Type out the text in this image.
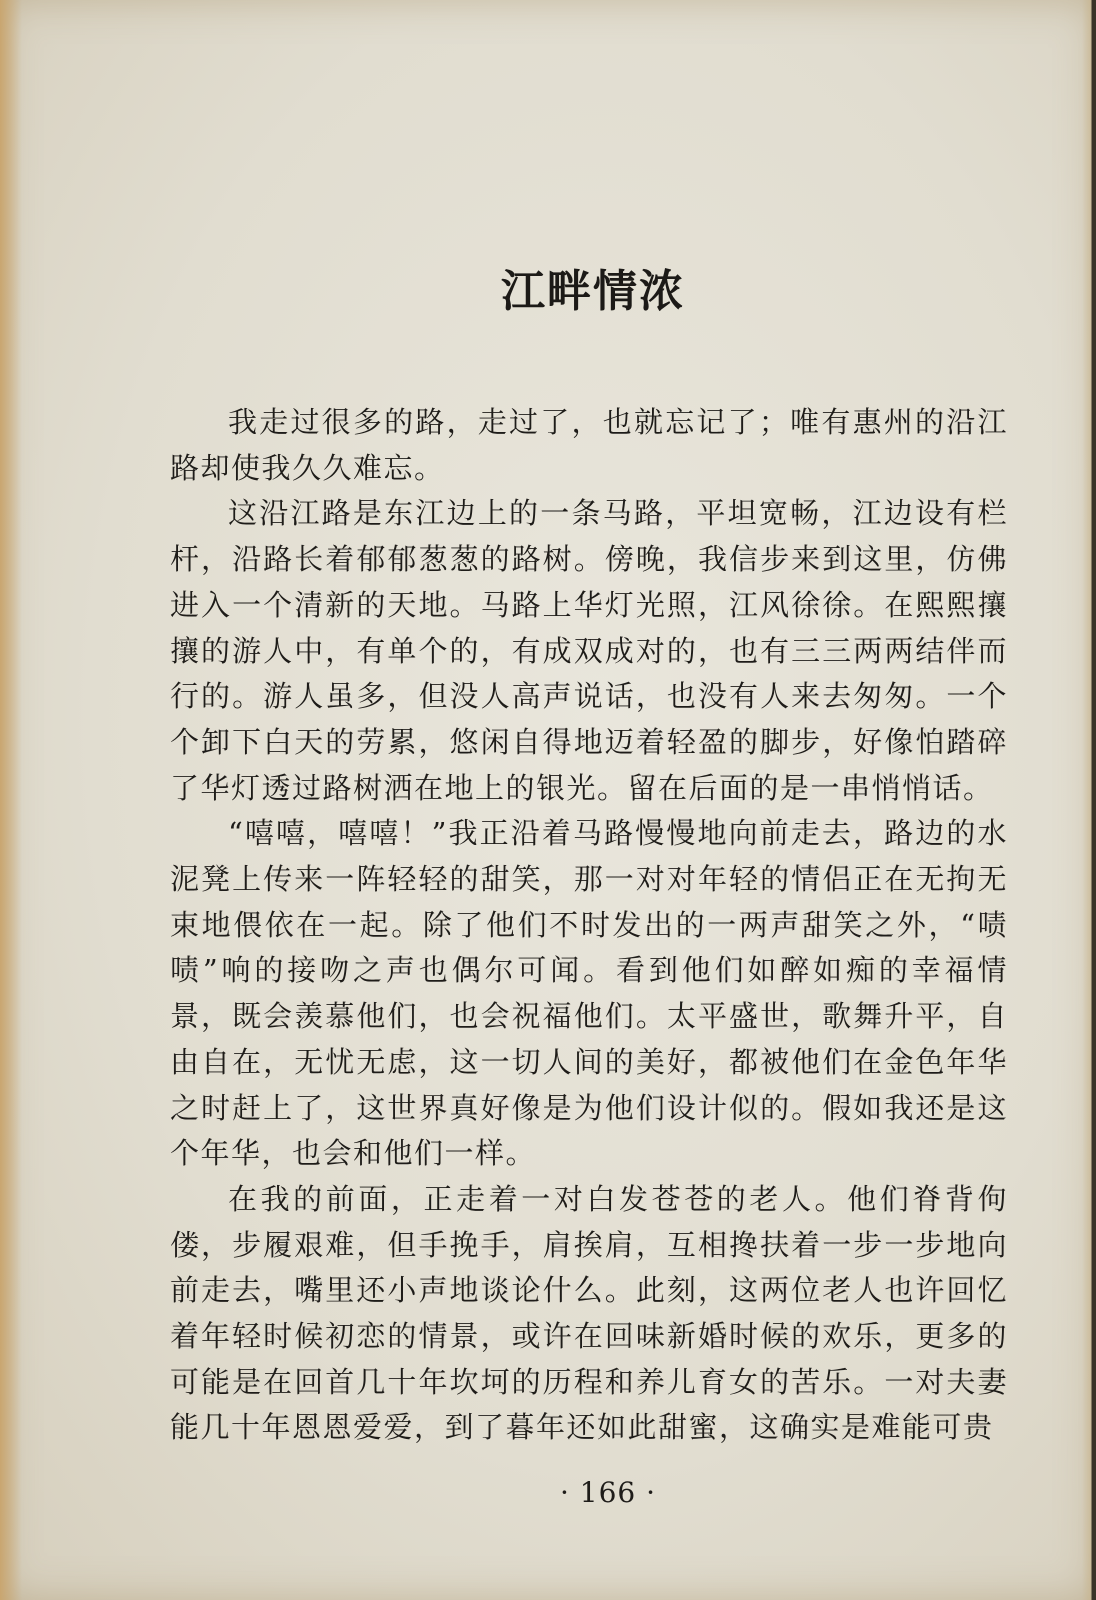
江畔情浓

我走过很多的路，走过了，也就忘记了；唯有惠州的沿江路却使我久久难忘。

这沿江路是东江边上的一条马路，平坦宽畅，江边设有栏杆，沿路长着郁郁葱葱的路树。傍晚，我信步来到这里，仿佛进入一个清新的天地。马路上华灯光照，江风徐徐。在熙熙攘攘的游人中，有单个的，有成双成对的，也有三三两两结伴而行的。游人虽多，但没人高声说话，也没有人来去匆匆。一个个卸下白天的劳累，悠闲自得地迈着轻盈的脚步，好像怕踏碎了华灯透过路树洒在地上的银光。留在后面的是一串悄悄话。

“嘻嘻，嘻嘻！”我正沿着马路慢慢地向前走去，路边的水泥凳上传来一阵轻轻的甜笑，那一对对年轻的情侣正在无拘无束地偎依在一起。除了他们不时发出的一两声甜笑之外，“啧啧”响的接吻之声也偶尔可闻。看到他们如醉如痴的幸福情景，既会羡慕他们，也会祝福他们。太平盛世，歌舞升平，自由自在，无忧无虑，这一切人间的美好，都被他们在金色年华之时赶上了，这世界真好像是为他们设计似的。假如我还是这个年华，也会和他们一样。

在我的前面，正走着一对白发苍苍的老人。他们脊背佝偻，步履艰难，但手挽手，肩挨肩，互相搀扶着一步一步地向前走去，嘴里还小声地谈论什么。此刻，这两位老人也许回忆着年轻时候初恋的情景，或许在回味新婚时候的欢乐，更多的可能是在回首几十年坎坷的历程和养儿育女的苦乐。一对夫妻能几十年恩恩爱爱，到了暮年还如此甜蜜，这确实是难能可贵

· 166 ·
